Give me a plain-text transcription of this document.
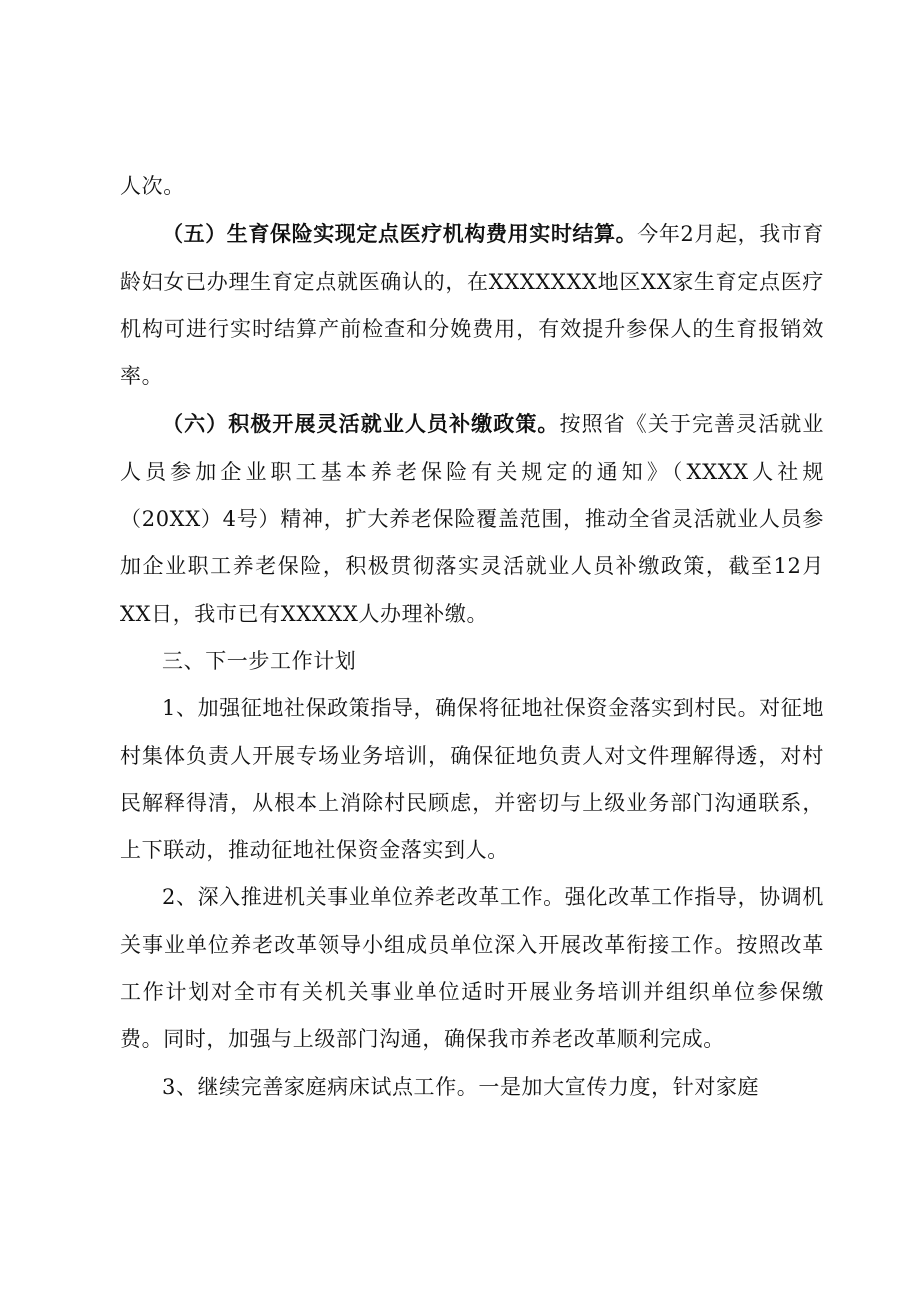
人次。

（五）生育保险实现定点医疗机构费用实时结算。今年2月起，我市育龄妇女已办理生育定点就医确认的，在XXXXXXX地区XX家生育定点医疗机构可进行实时结算产前检查和分娩费用，有效提升参保人的生育报销效率。

（六）积极开展灵活就业人员补缴政策。按照省《关于完善灵活就业人员参加企业职工基本养老保险有关规定的通知》（XXXX人社规（20XX）4号）精神，扩大养老保险覆盖范围，推动全省灵活就业人员参加企业职工养老保险，积极贯彻落实灵活就业人员补缴政策，截至12月XX日，我市已有XXXXX人办理补缴。

三、下一步工作计划

1、加强征地社保政策指导，确保将征地社保资金落实到村民。对征地村集体负责人开展专场业务培训，确保征地负责人对文件理解得透，对村民解释得清，从根本上消除村民顾虑，并密切与上级业务部门沟通联系，上下联动，推动征地社保资金落实到人。

2、深入推进机关事业单位养老改革工作。强化改革工作指导，协调机关事业单位养老改革领导小组成员单位深入开展改革衔接工作。按照改革工作计划对全市有关机关事业单位适时开展业务培训并组织单位参保缴费。同时，加强与上级部门沟通，确保我市养老改革顺利完成。

3、继续完善家庭病床试点工作。一是加大宣传力度，针对家庭
